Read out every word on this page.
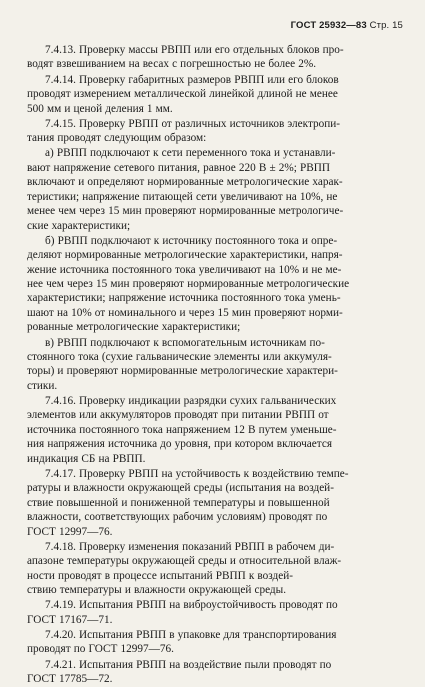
ГОСТ 25932—83 Стр. 15

7.4.13. Проверку массы РВПП или его отдельных блоков про-
водят взвешиванием на весах с погрешностью не более 2%.

7.4.14. Проверку габаритных размеров РВПП или его блоков
проводят измерением металлической линейкой длиной не менее
500 мм и ценой деления 1 мм.

7.4.15. Проверку РВПП от различных источников электропи-
тания проводят следующим образом:

а) РВПП подключают к сети переменного тока и устанавли-
вают напряжение сетевого питания, равное 220 В ± 2%; РВПП
включают и определяют нормированные метрологические харак-
теристики; напряжение питающей сети увеличивают на 10%, не
менее чем через 15 мин проверяют нормированные метрологиче-
ские характеристики;

б) РВПП подключают к источнику постоянного тока и опре-
деляют нормированные метрологические характеристики, напря-
жение источника постоянного тока увеличивают на 10% и не ме-
нее чем через 15 мин проверяют нормированные метрологические
характеристики; напряжение источника постоянного тока умень-
шают на 10% от номинального и через 15 мин проверяют норми-
рованные метрологические характеристики;

в) РВПП подключают к вспомогательным источникам по-
стоянного тока (сухие гальванические элементы или аккумуля-
торы) и проверяют нормированные метрологические характери-
стики.

7.4.16. Проверку индикации разрядки сухих гальванических
элементов или аккумуляторов проводят при питании РВПП от
источника постоянного тока напряжением 12 В путем уменьше-
ния напряжения источника до уровня, при котором включается
индикация СБ на РВПП.

7.4.17. Проверку РВПП на устойчивость к воздействию темпе-
ратуры и влажности окружающей среды (испытания на воздей-
ствие повышенной и пониженной температуры и повышенной
влажности, соответствующих рабочим условиям) проводят по
ГОСТ 12997—76.

7.4.18. Проверку изменения показаний РВПП в рабочем ди-
апазоне температуры окружающей среды и относительной влаж-
ности проводят в процессе испытаний РВПП к воздей-
ствию температуры и влажности окружающей среды.

7.4.19. Испытания РВПП на виброустойчивость проводят по
ГОСТ 17167—71.

7.4.20. Испытания РВПП в упаковке для транспортирования
проводят по ГОСТ 12997—76.

7.4.21. Испытания РВПП на воздействие пыли проводят по
ГОСТ 17785—72.
